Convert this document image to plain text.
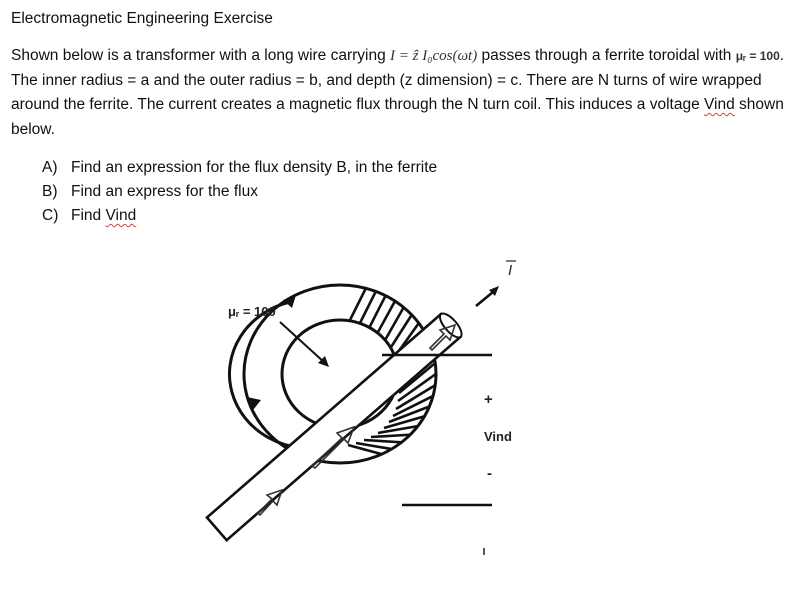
Electromagnetic Engineering Exercise
Shown below is a transformer with a long wire carrying I = ẑ I₀cos(ωt) passes through a ferrite toroidal with μᵣ = 100. The inner radius = a and the outer radius = b, and depth (z dimension) = c. There are N turns of wire wrapped around the ferrite. The current creates a magnetic flux through the N turn coil. This induces a voltage Vind shown below.
A) Find an expression for the flux density B, in the ferrite
B) Find an express for the flux
C) Find Vind
I
μᵣ = 100
+
Vind
-
